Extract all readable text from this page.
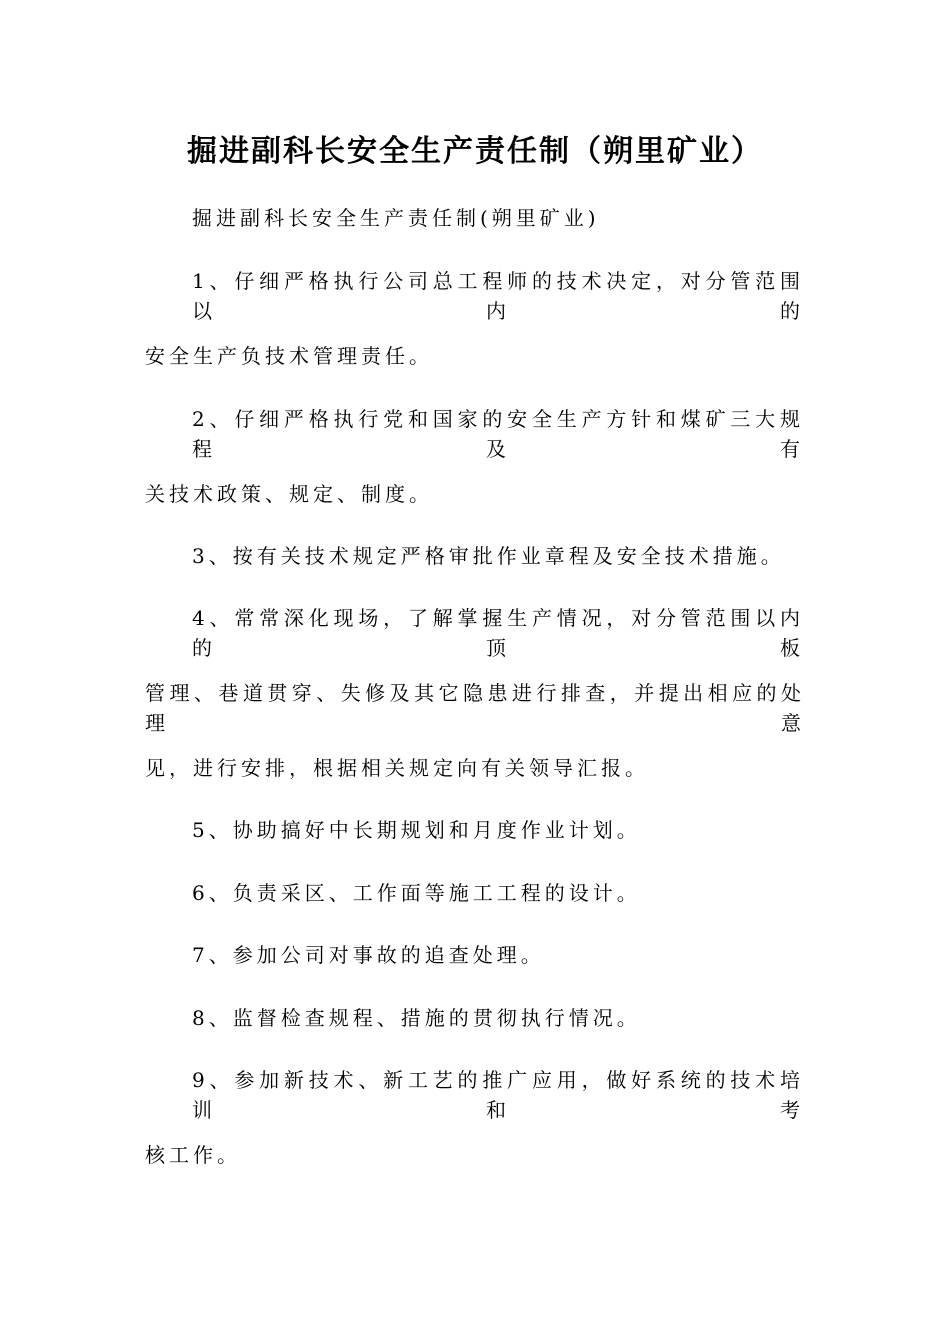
掘进副科长安全生产责任制（朔里矿业）
掘进副科长安全生产责任制(朔里矿业)
1、仔细严格执行公司总工程师的技术决定，对分管范围以内的
安全生产负技术管理责任。
2、仔细严格执行党和国家的安全生产方针和煤矿三大规程及有
关技术政策、规定、制度。
3、按有关技术规定严格审批作业章程及安全技术措施。
4、常常深化现场，了解掌握生产情况，对分管范围以内的顶板
管理、巷道贯穿、失修及其它隐患进行排查，并提出相应的处理意
见，进行安排，根据相关规定向有关领导汇报。
5、协助搞好中长期规划和月度作业计划。
6、负责采区、工作面等施工工程的设计。
7、参加公司对事故的追查处理。
8、监督检查规程、措施的贯彻执行情况。
9、参加新技术、新工艺的推广应用，做好系统的技术培训和考
核工作。
